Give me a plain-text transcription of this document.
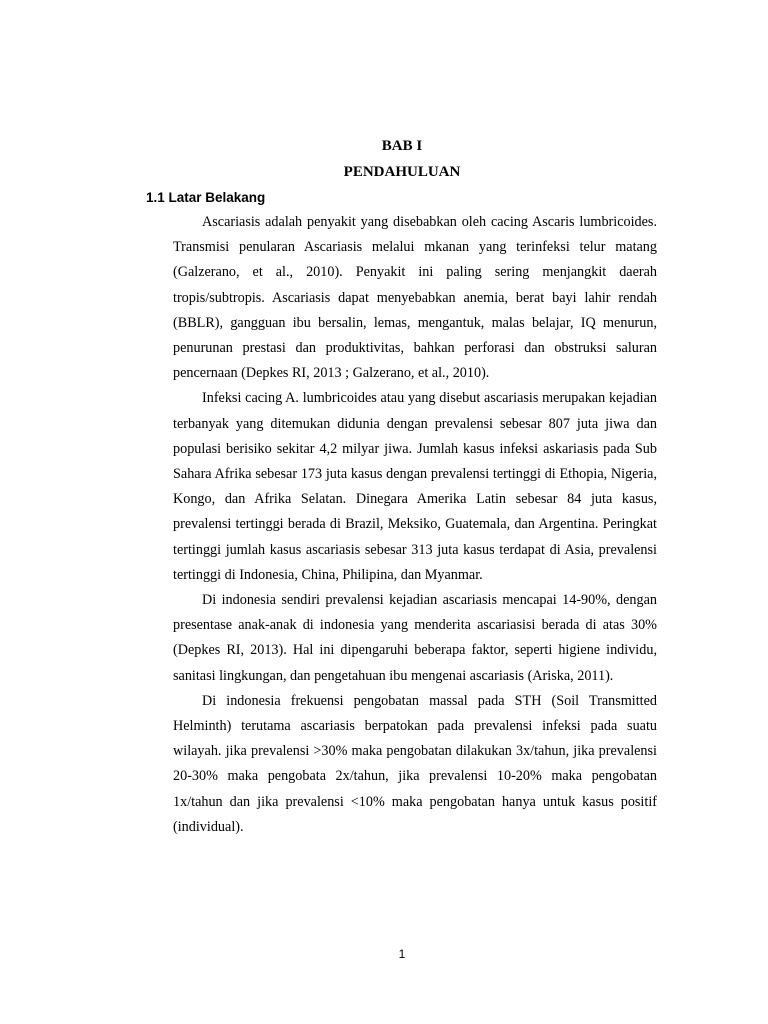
BAB I
PENDAHULUAN
1.1 Latar Belakang

Ascariasis adalah penyakit yang disebabkan oleh cacing Ascaris lumbricoides. Transmisi penularan Ascariasis melalui mkanan yang terinfeksi telur matang (Galzerano, et al., 2010). Penyakit ini paling sering menjangkit daerah tropis/subtropis. Ascariasis dapat menyebabkan anemia, berat bayi lahir rendah (BBLR), gangguan ibu bersalin, lemas, mengantuk, malas belajar, IQ menurun, penurunan prestasi dan produktivitas, bahkan perforasi dan obstruksi saluran pencernaan (Depkes RI, 2013 ; Galzerano, et al., 2010).

Infeksi cacing A. lumbricoides atau yang disebut ascariasis merupakan kejadian terbanyak yang ditemukan didunia dengan prevalensi sebesar 807 juta jiwa dan populasi berisiko sekitar 4,2 milyar jiwa. Jumlah kasus infeksi askariasis pada Sub Sahara Afrika sebesar 173 juta kasus dengan prevalensi tertinggi di Ethopia, Nigeria, Kongo, dan Afrika Selatan. Dinegara Amerika Latin sebesar 84 juta kasus, prevalensi tertinggi berada di Brazil, Meksiko, Guatemala, dan Argentina. Peringkat tertinggi jumlah kasus ascariasis sebesar 313 juta kasus terdapat di Asia, prevalensi tertinggi di Indonesia, China, Philipina, dan Myanmar.

Di indonesia sendiri prevalensi kejadian ascariasis mencapai 14-90%, dengan presentase anak-anak di indonesia yang menderita ascariasisi berada di atas 30% (Depkes RI, 2013). Hal ini dipengaruhi beberapa faktor, seperti higiene individu, sanitasi lingkungan, dan pengetahuan ibu mengenai ascariasis (Ariska, 2011).

Di indonesia frekuensi pengobatan massal pada STH (Soil Transmitted Helminth) terutama ascariasis berpatokan pada prevalensi infeksi pada suatu wilayah. jika prevalensi >30% maka pengobatan dilakukan 3x/tahun, jika prevalensi 20-30% maka pengobata 2x/tahun, jika prevalensi 10-20% maka pengobatan 1x/tahun dan jika prevalensi <10% maka pengobatan hanya untuk kasus positif (individual).

1
